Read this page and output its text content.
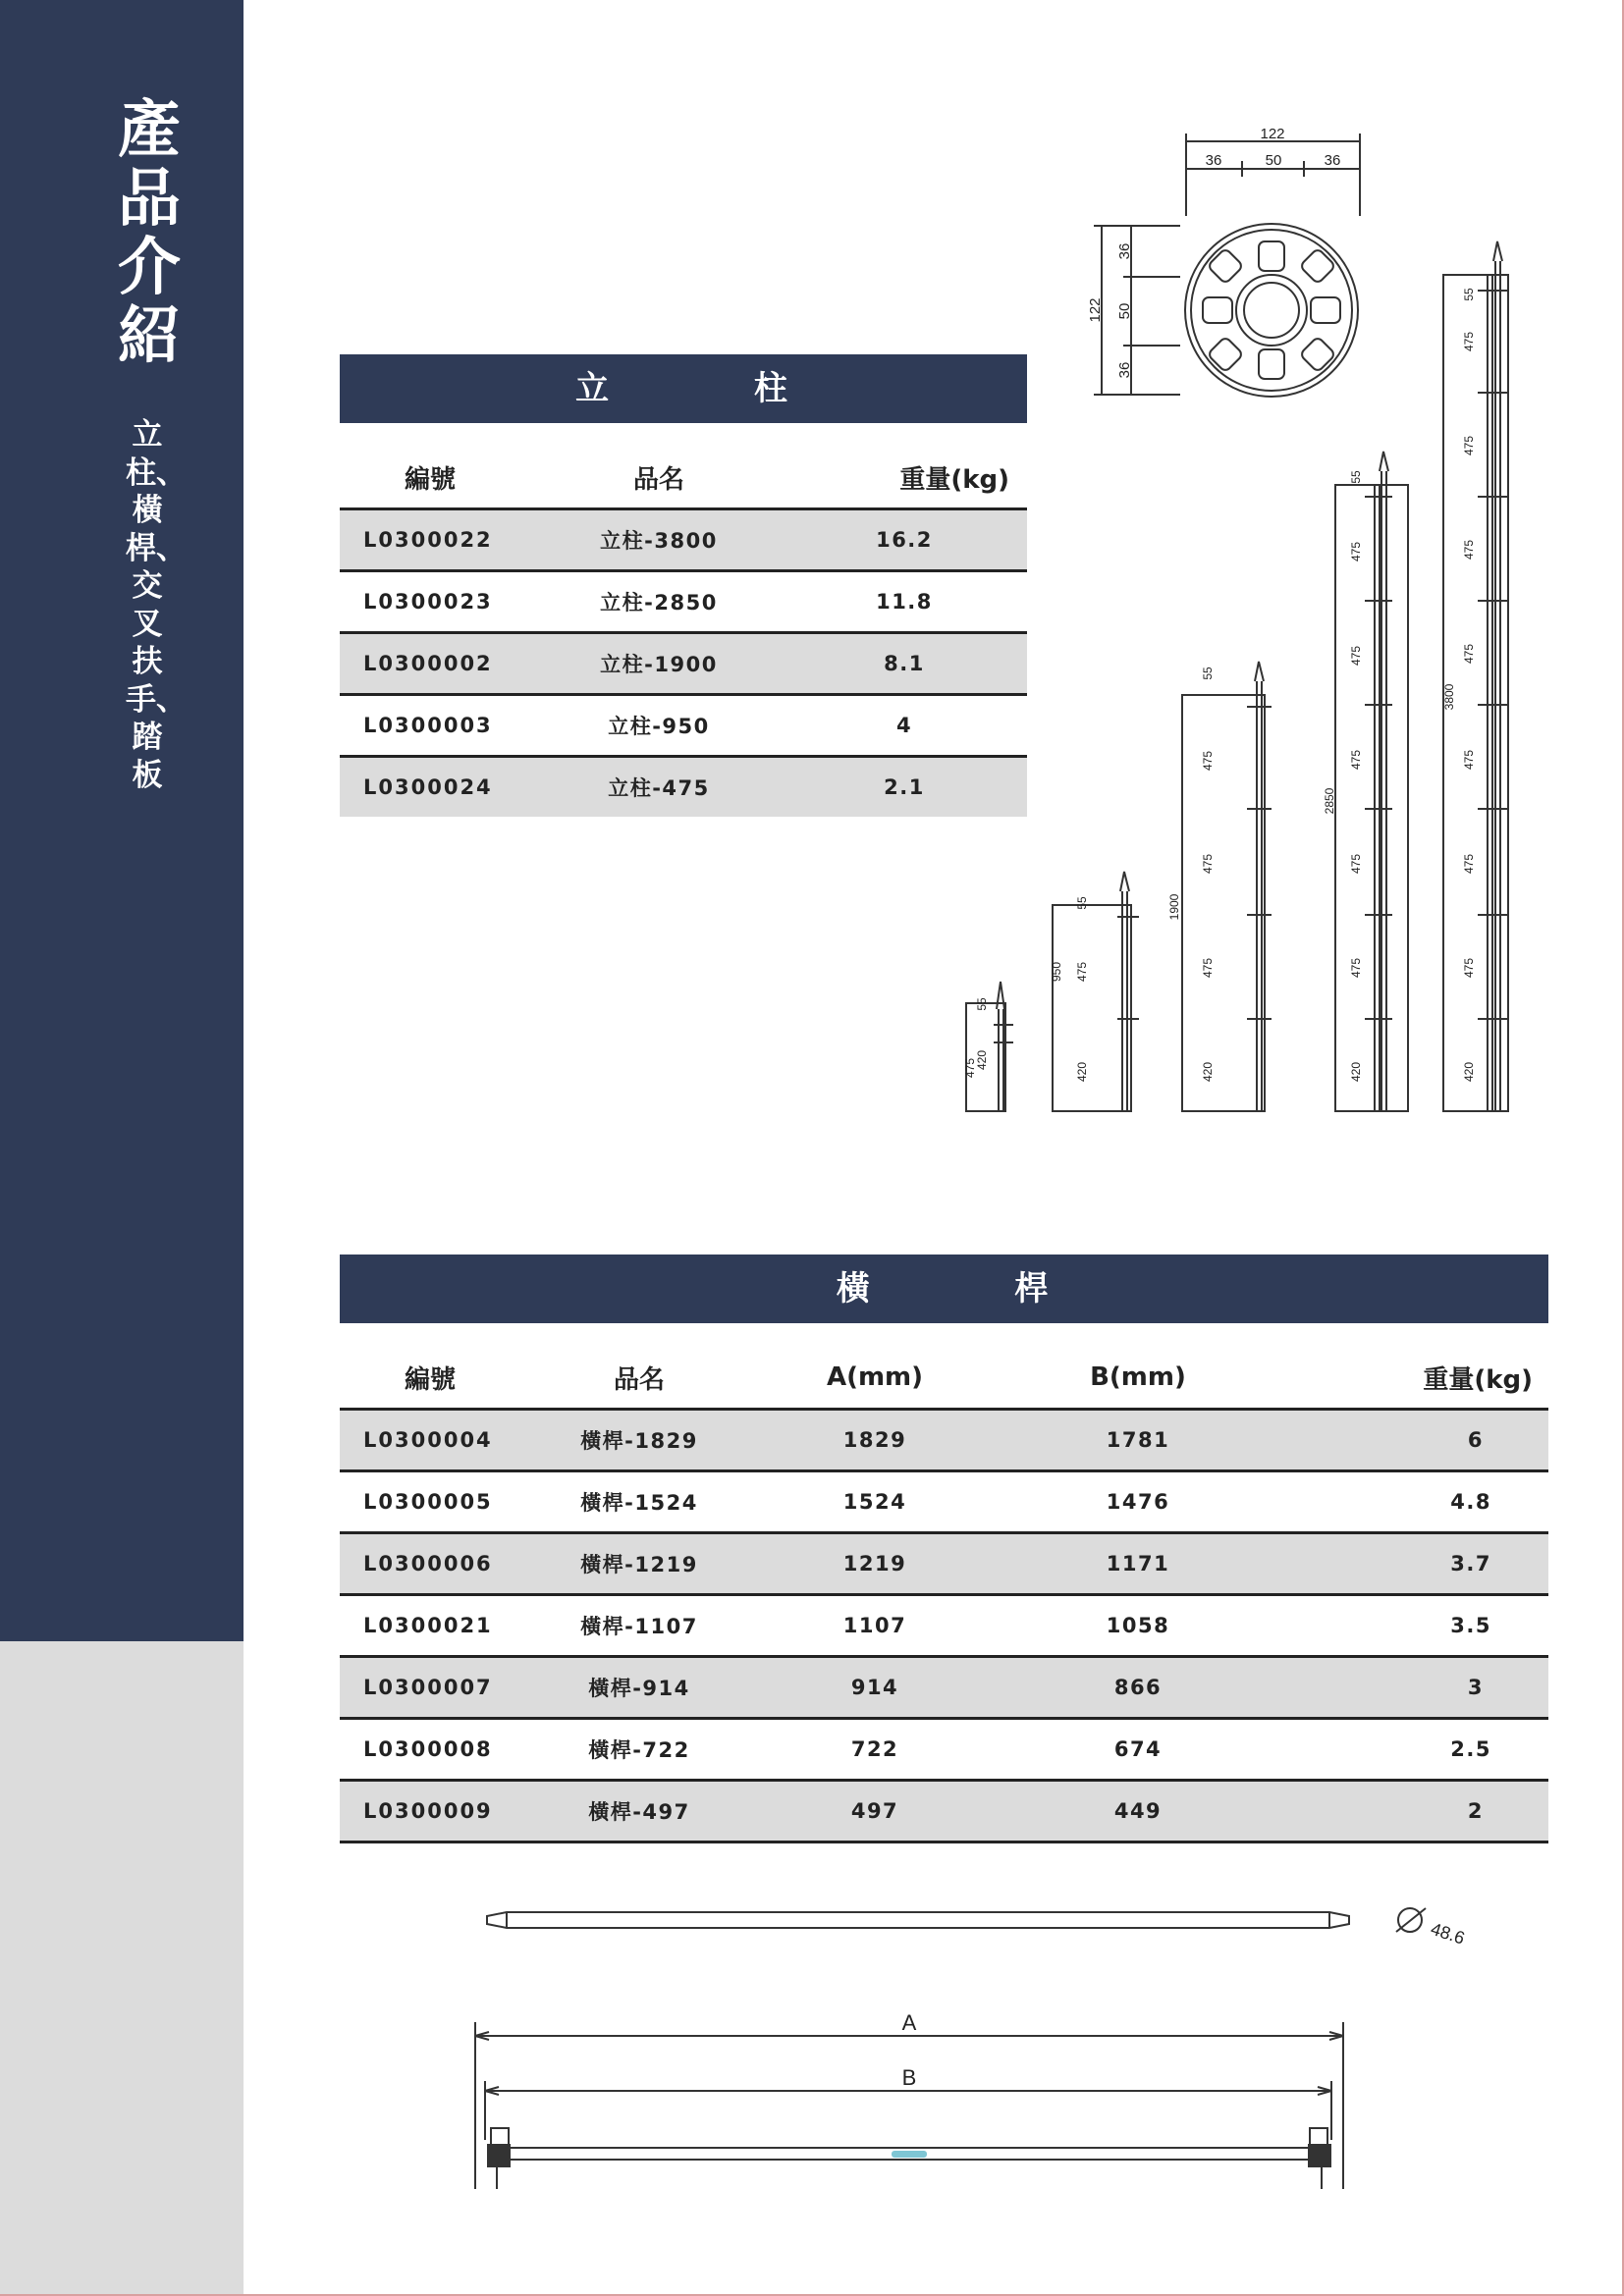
產品介紹
立柱、橫桿、交叉扶手、踏板
立	柱
編號	品名	重量(kg)
L0300022	立柱-3800	16.2
L0300023	立柱-2850	11.8
L0300002	立柱-1900	8.1
L0300003	立柱-950	4
L0300024	立柱-475	2.1
122
36	50	36
122
36
50
36
55
420
475
55
950 475
420
55
1900
475
475
475
420
55
2850
475
475
475
475
475
420
55
3800
475
475
475
475
475
475
475
420
橫	桿
編號	品名	A(mm)	B(mm)	重量(kg)
L0300004	橫桿-1829	1829	1781	6
L0300005	橫桿-1524	1524	1476	4.8
L0300006	橫桿-1219	1219	1171	3.7
L0300021	橫桿-1107	1107	1058	3.5
L0300007	橫桿-914	914	866	3
L0300008	橫桿-722	722	674	2.5
L0300009	橫桿-497	497	449	2
48.6
A
B
